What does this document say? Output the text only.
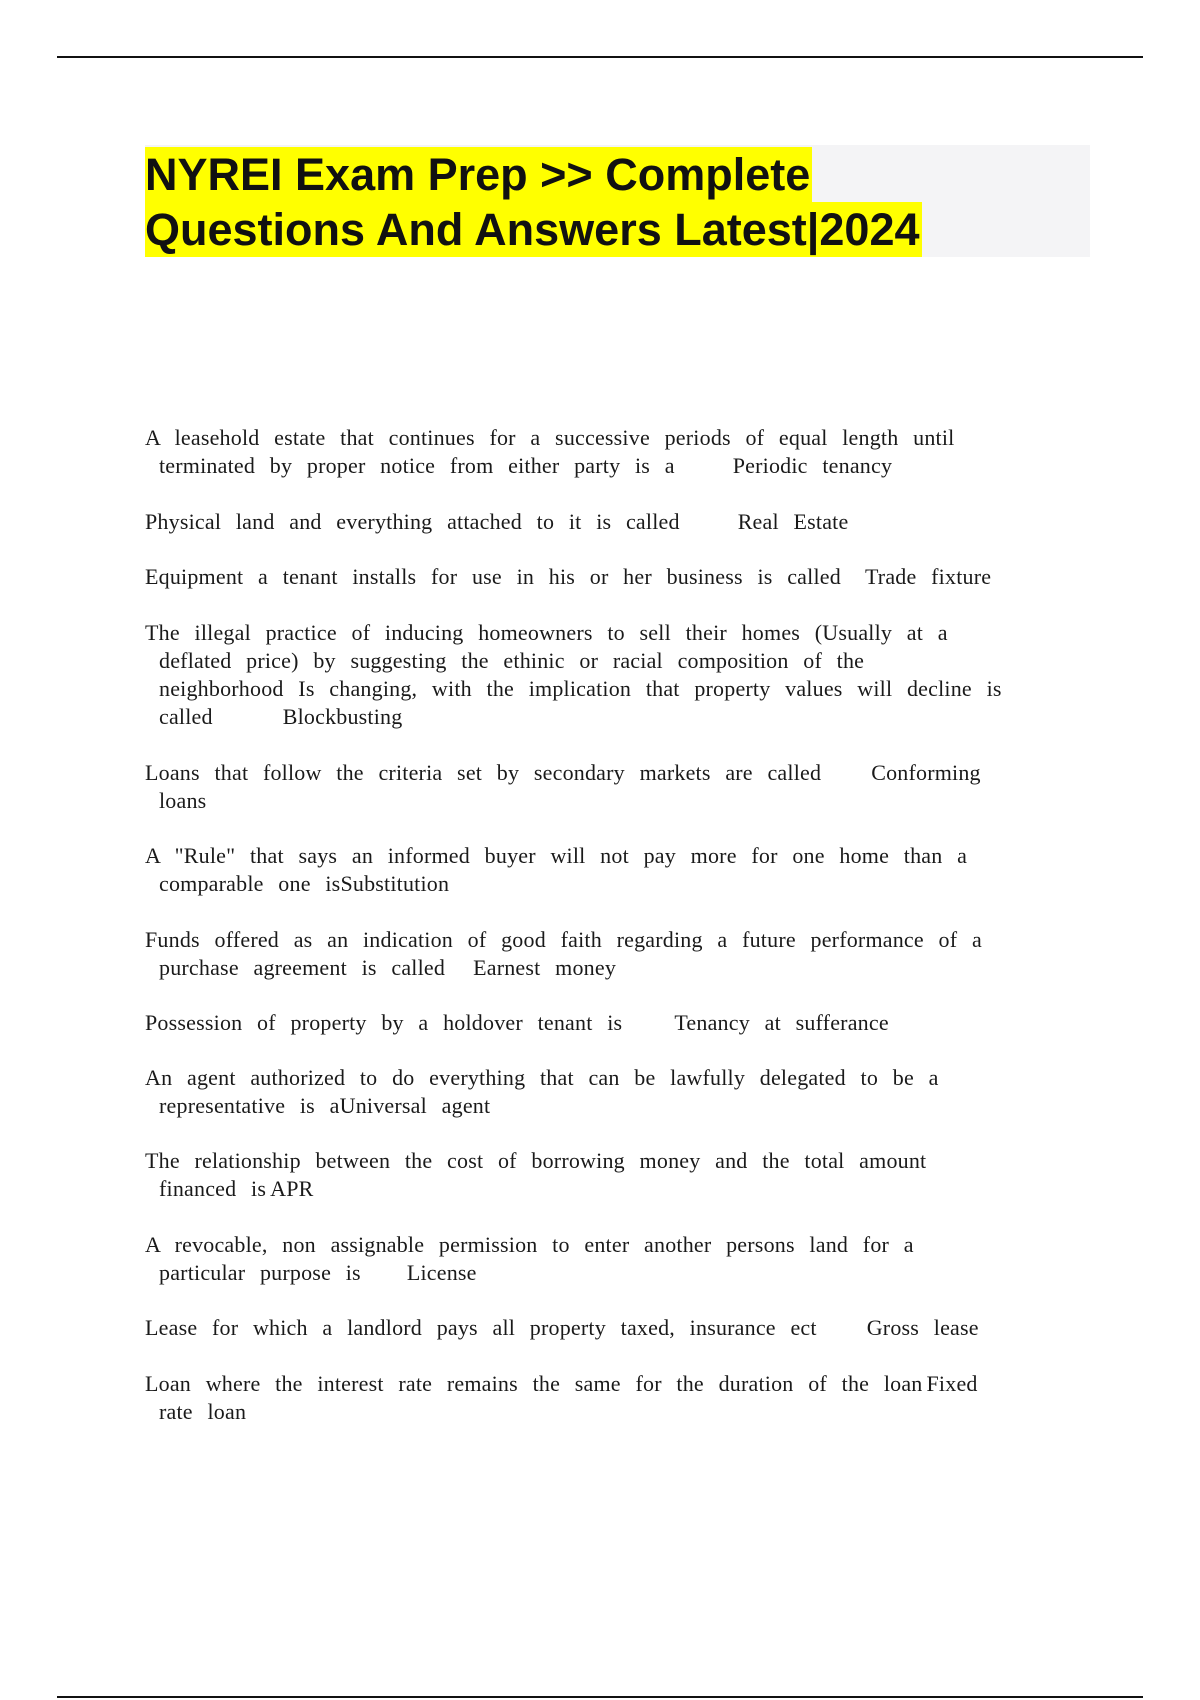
NYREI Exam Prep >> Complete
Questions And Answers Latest|2024
A leasehold estate that continues for a successive periods of equal length until
terminated by proper notice from either party is a	Periodic tenancy
Physical land and everything attached to it is called	Real Estate
Equipment a tenant installs for use in his or her business is called Trade fixture
The illegal practice of inducing homeowners to sell their homes (Usually at a
deflated price) by suggesting the ethinic or racial composition of the
neighborhood Is changing, with the implication that property values will decline is
called	Blockbusting
Loans that follow the criteria set by secondary markets are called Conforming
loans
A "Rule" that says an informed buyer will not pay more for one home than a
comparable one isSubstitution
Funds offered as an indication of good faith regarding a future performance of a
purchase agreement is called Earnest money
Possession of property by a holdover tenant is Tenancy at sufferance
An agent authorized to do everything that can be lawfully delegated to be a
representative is aUniversal agent
The relationship between the cost of borrowing money and the total amount
financed is APR
A revocable, non assignable permission to enter another persons land for a
particular purpose is License
Lease for which a landlord pays all property taxed, insurance ect Gross lease
Loan where the interest rate remains the same for the duration of the loan Fixed
rate loan
